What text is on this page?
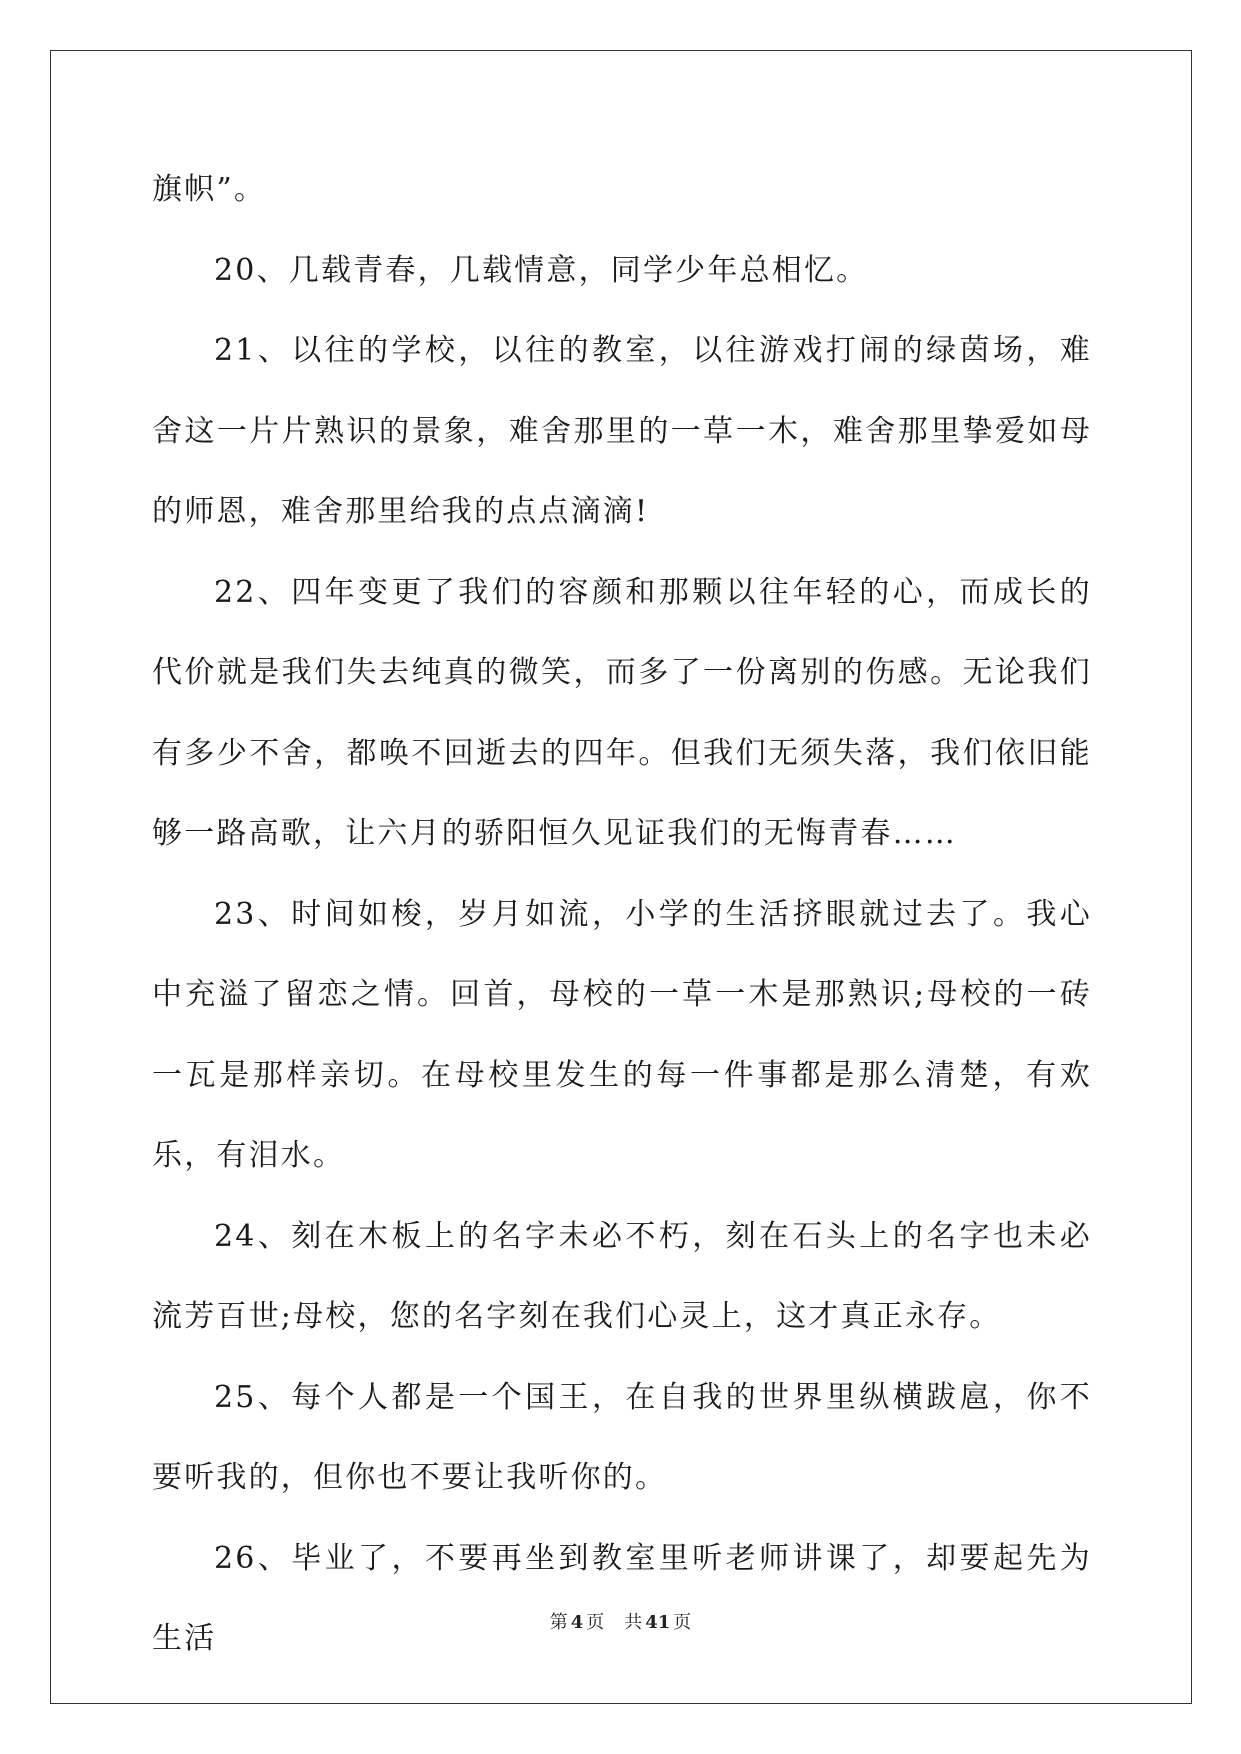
旗帜”。

20、几载青春，几载情意，同学少年总相忆。

21、以往的学校，以往的教室，以往游戏打闹的绿茵场，难舍这一片片熟识的景象，难舍那里的一草一木，难舍那里挚爱如母的师恩，难舍那里给我的点点滴滴!

22、四年变更了我们的容颜和那颗以往年轻的心，而成长的代价就是我们失去纯真的微笑，而多了一份离别的伤感。无论我们有多少不舍，都唤不回逝去的四年。但我们无须失落，我们依旧能够一路高歌，让六月的骄阳恒久见证我们的无悔青春……

23、时间如梭，岁月如流，小学的生活挤眼就过去了。我心中充溢了留恋之情。回首，母校的一草一木是那熟识;母校的一砖一瓦是那样亲切。在母校里发生的每一件事都是那么清楚，有欢乐，有泪水。

24、刻在木板上的名字未必不朽，刻在石头上的名字也未必流芳百世;母校，您的名字刻在我们心灵上，这才真正永存。

25、每个人都是一个国王，在自我的世界里纵横跋扈，你不要听我的，但你也不要让我听你的。

26、毕业了，不要再坐到教室里听老师讲课了，却要起先为生活	第 4 页 共 41 页
